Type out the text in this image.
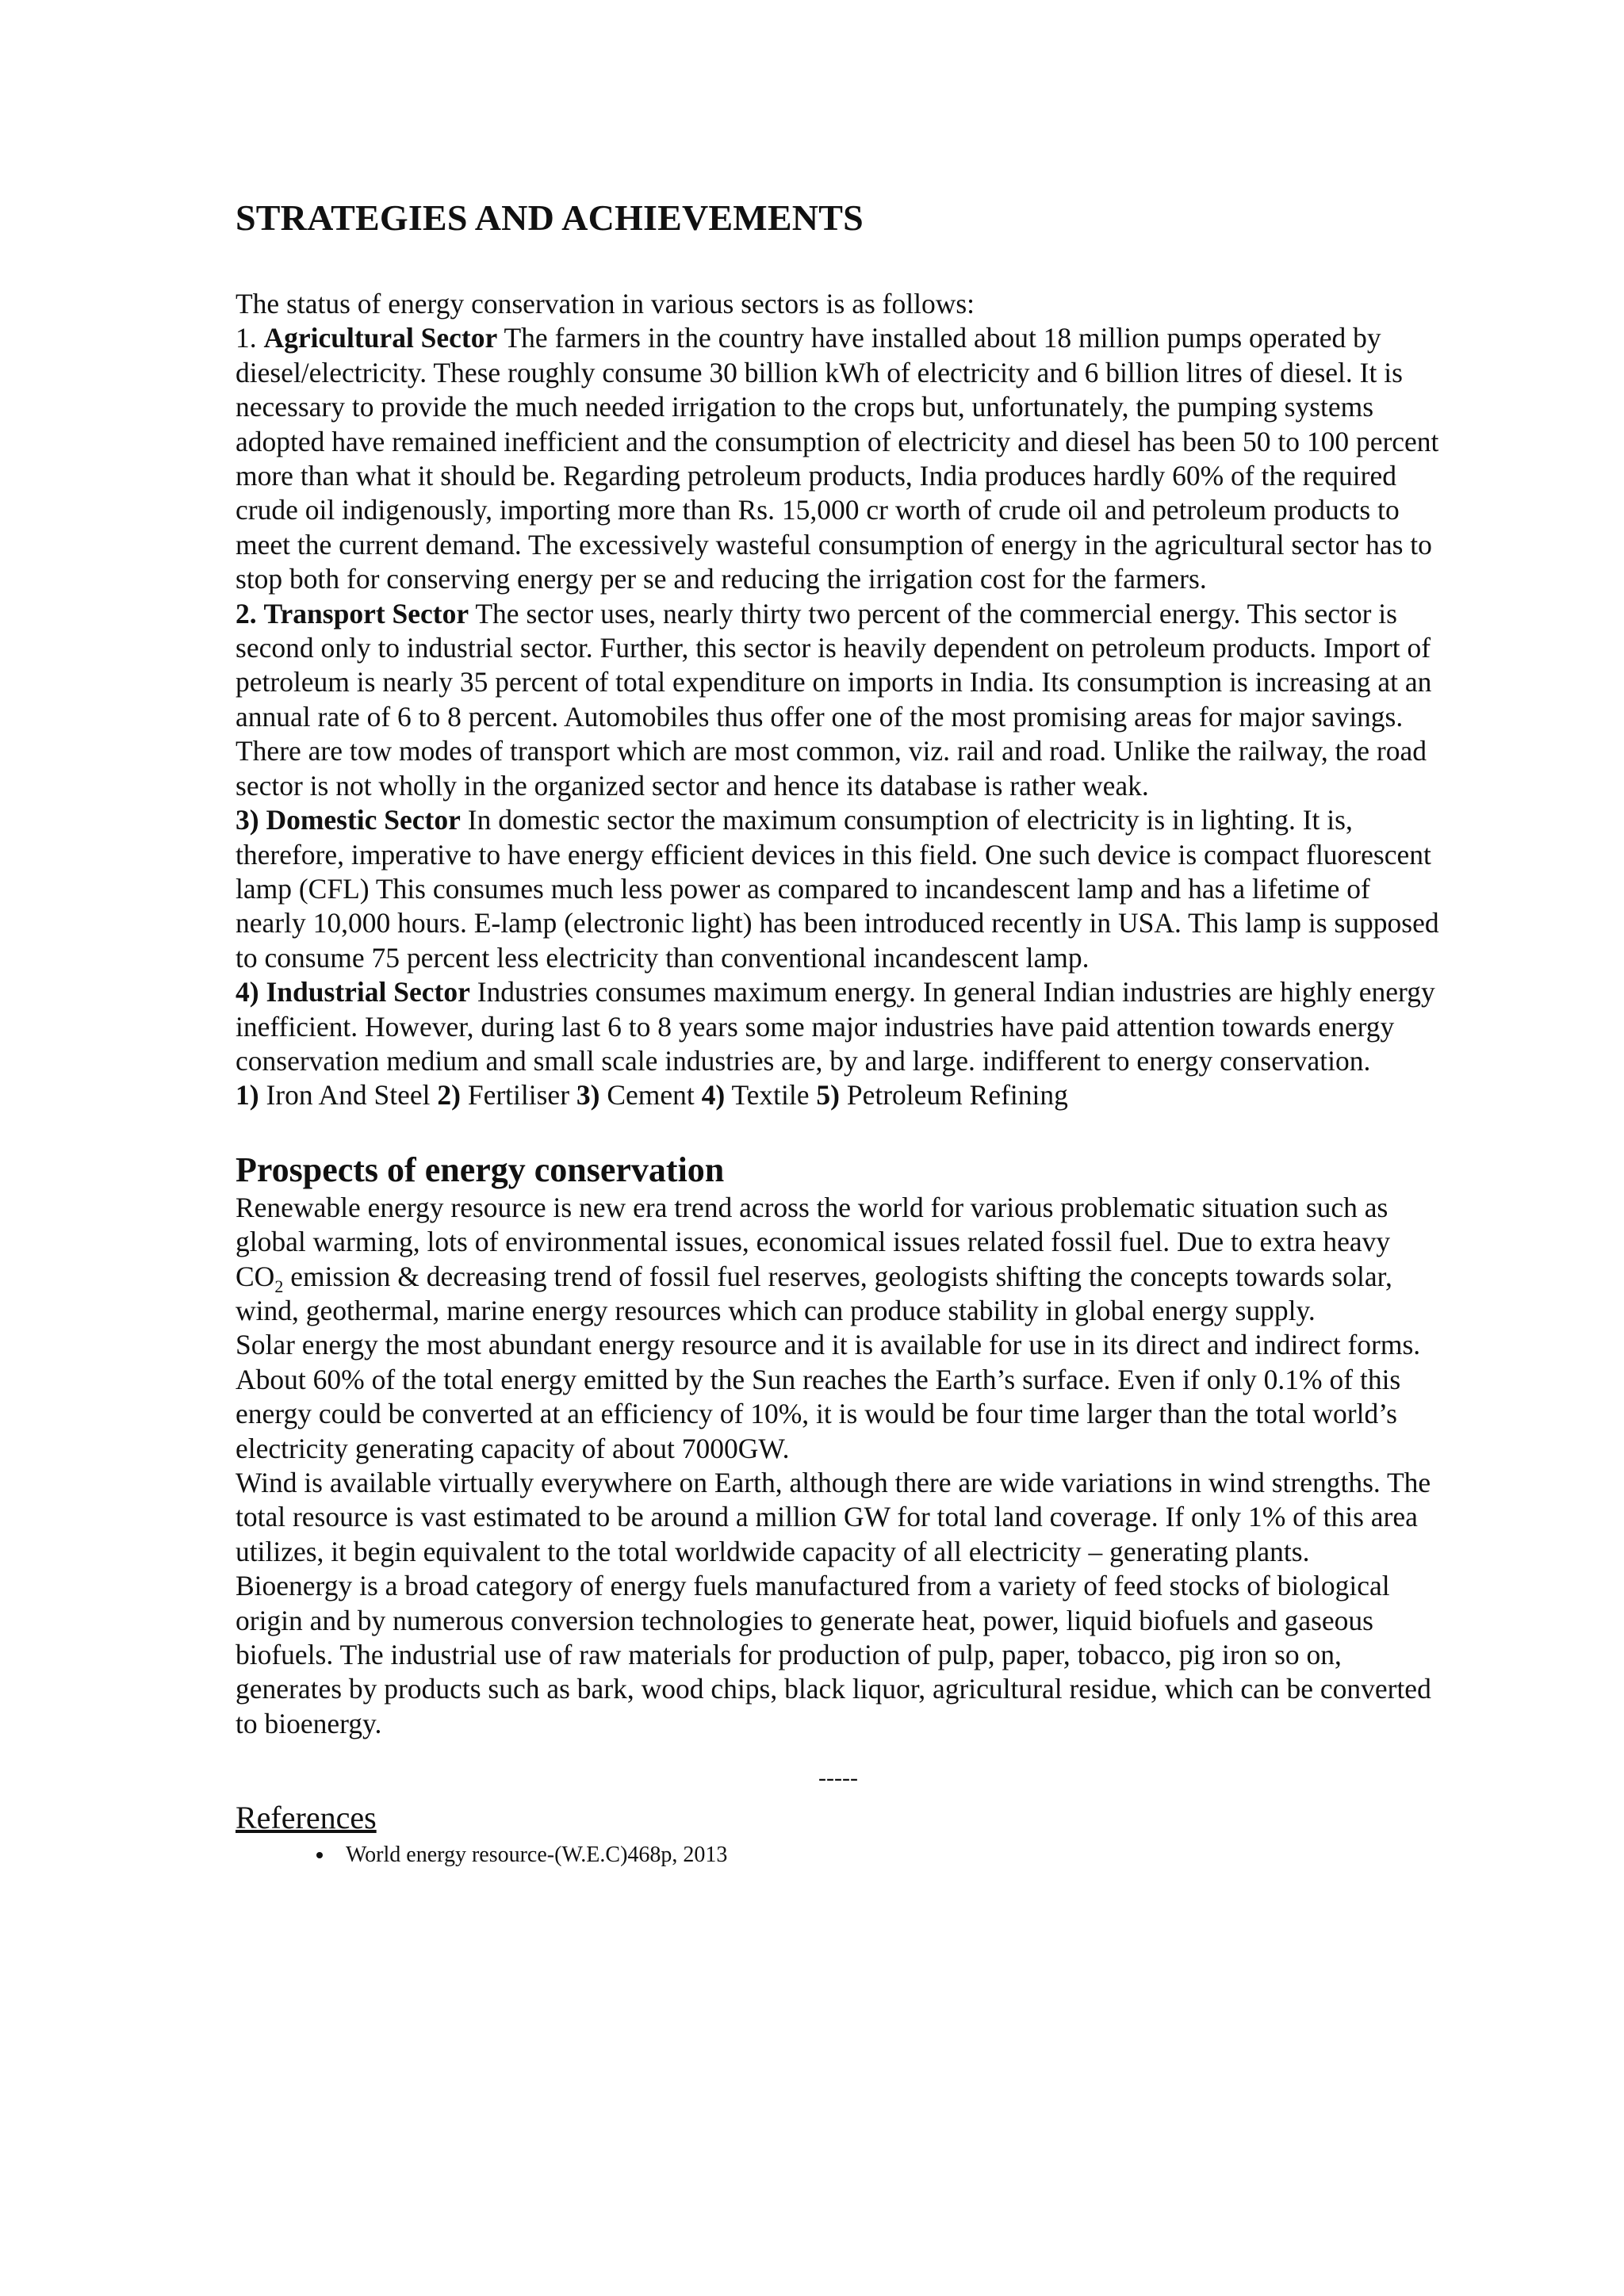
STRATEGIES AND ACHIEVEMENTS

The status of energy conservation in various sectors is as follows:

1. Agricultural Sector The farmers in the country have installed about 18 million pumps operated by diesel/electricity. These roughly consume 30 billion kWh of electricity and 6 billion litres of diesel. It is necessary to provide the much needed irrigation to the crops but, unfortunately, the pumping systems adopted have remained inefficient and the consumption of electricity and diesel has been 50 to 100 percent more than what it should be. Regarding petroleum products, India produces hardly 60% of the required crude oil indigenously, importing more than Rs. 15,000 cr worth of crude oil and petroleum products to meet the current demand. The excessively wasteful consumption of energy in the agricultural sector has to stop both for conserving energy per se and reducing the irrigation cost for the farmers.

2. Transport Sector The sector uses, nearly thirty two percent of the commercial energy. This sector is second only to industrial sector. Further, this sector is heavily dependent on petroleum products. Import of petroleum is nearly 35 percent of total expenditure on imports in India. Its consumption is increasing at an annual rate of 6 to 8 percent. Automobiles thus offer one of the most promising areas for major savings. There are tow modes of transport which are most common, viz. rail and road. Unlike the railway, the road sector is not wholly in the organized sector and hence its database is rather weak.

3) Domestic Sector In domestic sector the maximum consumption of electricity is in lighting. It is, therefore, imperative to have energy efficient devices in this field. One such device is compact fluorescent lamp (CFL) This consumes much less power as compared to incandescent lamp and has a lifetime of nearly 10,000 hours. E-lamp (electronic light) has been introduced recently in USA. This lamp is supposed to consume 75 percent less electricity than conventional incandescent lamp.

4) Industrial Sector Industries consumes maximum energy. In general Indian industries are highly energy inefficient. However, during last 6 to 8 years some major industries have paid attention towards energy conservation medium and small scale industries are, by and large. indifferent to energy conservation.

1) Iron And Steel 2) Fertiliser 3) Cement 4) Textile 5) Petroleum Refining

Prospects of energy conservation

Renewable energy resource is new era trend across the world for various problematic situation such as global warming, lots of environmental issues, economical issues related fossil fuel. Due to extra heavy $CO_2$ emission & decreasing trend of fossil fuel reserves, geologists shifting the concepts towards solar, wind, geothermal, marine energy resources which can produce stability in global energy supply.

Solar energy the most abundant energy resource and it is available for use in its direct and indirect forms. About 60% of the total energy emitted by the Sun reaches the Earth’s surface. Even if only 0.1% of this energy could be converted at an efficiency of 10%, it is would be four time larger than the total world’s electricity generating capacity of about 7000GW.

Wind is available virtually everywhere on Earth, although there are wide variations in wind strengths. The total resource is vast estimated to be around a million GW for total land coverage. If only 1% of this area utilizes, it begin equivalent to the total worldwide capacity of all electricity – generating plants.

Bioenergy is a broad category of energy fuels manufactured from a variety of feed stocks of biological origin and by numerous conversion technologies to generate heat, power, liquid biofuels and gaseous biofuels. The industrial use of raw materials for production of pulp, paper, tobacco, pig iron so on, generates by products such as bark, wood chips, black liquor, agricultural residue, which can be converted to bioenergy.

-----
References
• World energy resource-(W.E.C)468p, 2013
